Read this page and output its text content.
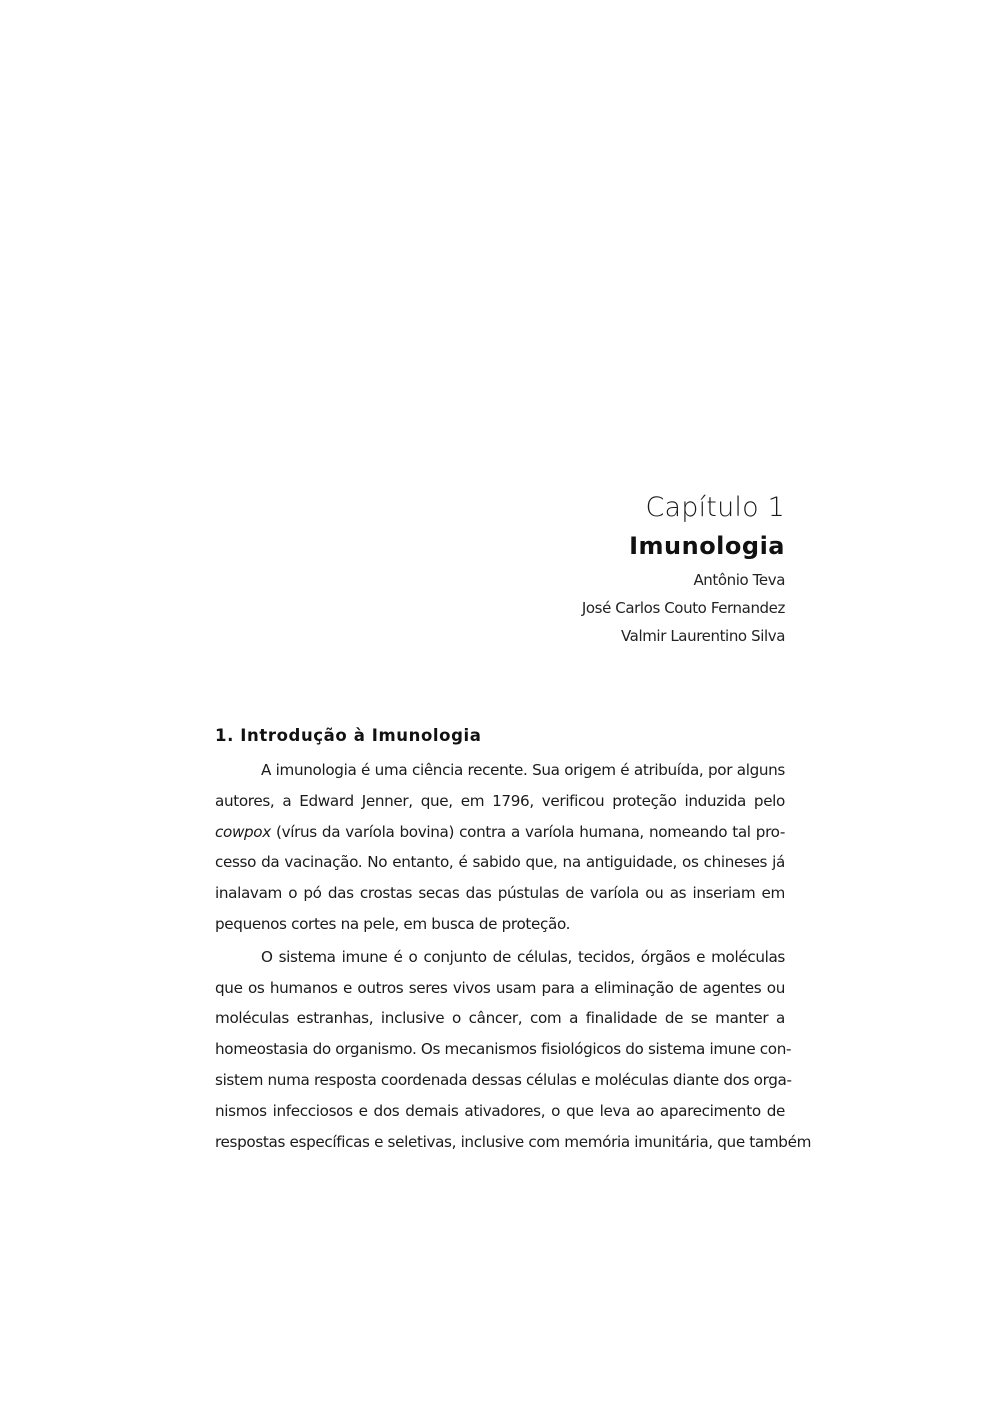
Capítulo 1
Imunologia
Antônio Teva
José Carlos Couto Fernandez
Valmir Laurentino Silva
1. Introdução à Imunologia
A imunologia é uma ciência recente. Sua origem é atribuída, por alguns
autores, a Edward Jenner, que, em 1796, verificou proteção induzida pelo
cowpox (vírus da varíola bovina) contra a varíola humana, nomeando tal pro-
cesso da vacinação. No entanto, é sabido que, na antiguidade, os chineses já
inalavam o pó das crostas secas das pústulas de varíola ou as inseriam em
pequenos cortes na pele, em busca de proteção.
O sistema imune é o conjunto de células, tecidos, órgãos e moléculas
que os humanos e outros seres vivos usam para a eliminação de agentes ou
moléculas estranhas, inclusive o câncer, com a finalidade de se manter a
homeostasia do organismo. Os mecanismos fisiológicos do sistema imune con-
sistem numa resposta coordenada dessas células e moléculas diante dos orga-
nismos infecciosos e dos demais ativadores, o que leva ao aparecimento de
respostas específicas e seletivas, inclusive com memória imunitária, que também
